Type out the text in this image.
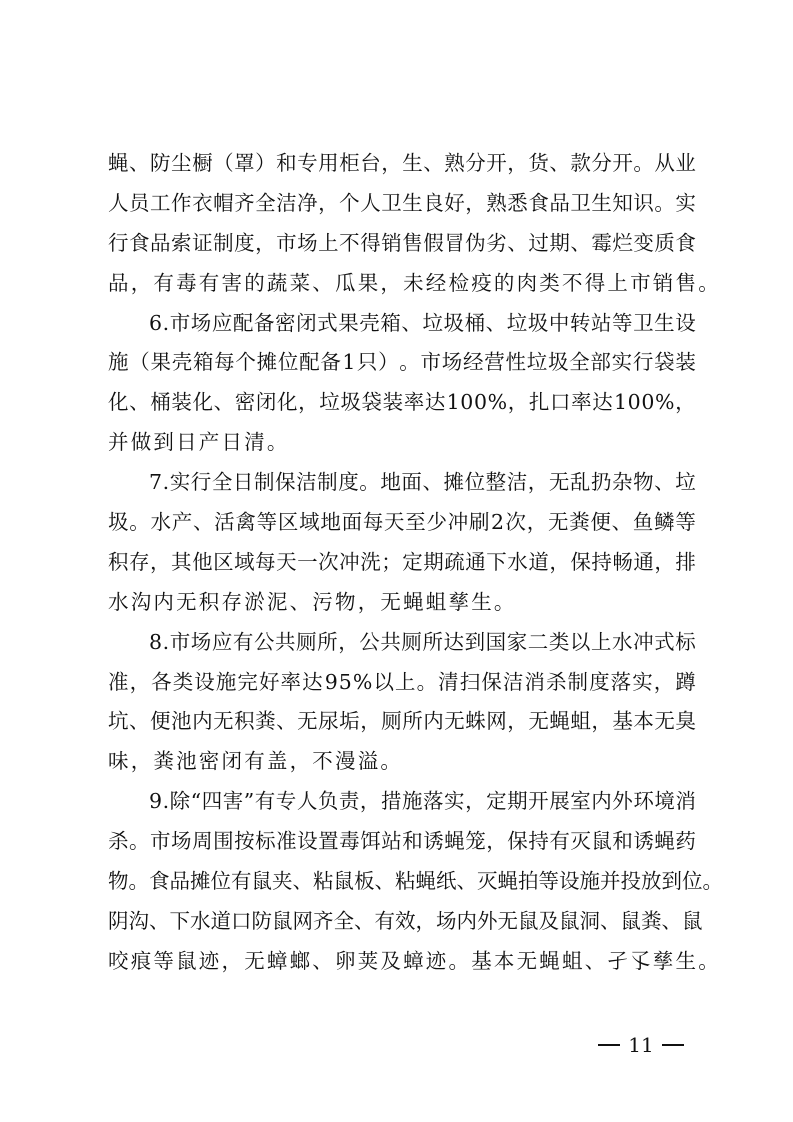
蝇 、 防 尘 橱 （ 罩 ） 和 专 用 柜 台 ， 生 、 熟 分 开 ， 货 、 款 分 开 。 从 业
人 员 工 作 衣 帽 齐 全 洁 净 ， 个 人 卫 生 良 好 ， 熟 悉 食 品 卫 生 知 识 。 实
行 食 品 索 证 制 度 ， 市 场 上 不 得 销 售 假 冒 伪 劣 、 过 期 、 霉 烂 变 质 食
品，有毒有害的蔬菜、瓜果，未经检疫的肉类不得上市销售。
6 . 市 场 应 配 备 密 闭 式 果 壳 箱 、 垃 圾 桶 、 垃 圾 中 转 站 等 卫 生 设
施 （ 果 壳 箱 每 个 摊 位 配 备 1 只 ） 。 市 场 经 营 性 垃 圾 全 部 实 行 袋 装
化 、 桶 装 化 、 密 闭 化 ， 垃 圾 袋 装 率 达 1 0 0 % ， 扎 口 率 达 1 0 0 % ，
并做到日产日清。
7 . 实 行 全 日 制 保 洁 制 度 。 地 面 、 摊 位 整 洁 ， 无 乱 扔 杂 物 、 垃
圾 。 水 产 、 活 禽 等 区 域 地 面 每 天 至 少 冲 刷 2 次 ， 无 粪 便 、 鱼 鳞 等
积 存 ， 其 他 区 域 每 天 一 次 冲 洗 ； 定 期 疏 通 下 水 道 ， 保 持 畅 通 ， 排
水沟内无积存淤泥、污物，无蝇蛆孳生。
8 . 市 场 应 有 公 共 厕 所 ， 公 共 厕 所 达 到 国 家 二 类 以 上 水 冲 式 标
准 ， 各 类 设 施 完 好 率 达 9 5 % 以 上 。 清 扫 保 洁 消 杀 制 度 落 实 ， 蹲
坑 、 便 池 内 无 积 粪 、 无 尿 垢 ， 厕 所 内 无 蛛 网 ， 无 蝇 蛆 ， 基 本 无 臭
味，粪池密闭有盖，不漫溢。
9 . 除 “ 四 害 ” 有 专 人 负 责 ， 措 施 落 实 ， 定 期 开 展 室 内 外 环 境 消
杀 。 市 场 周 围 按 标 准 设 置 毒 饵 站 和 诱 蝇 笼 ， 保 持 有 灭 鼠 和 诱 蝇 药
物 。 食 品 摊 位 有 鼠 夹 、 粘 鼠 板 、 粘 蝇 纸 、 灭 蝇 拍 等 设 施 并 投 放 到 位 。
阴 沟 、 下 水 道 口 防 鼠 网 齐 全 、 有 效 ， 场 内 外 无 鼠 及 鼠 洞 、 鼠 粪 、 鼠
咬痕等鼠迹，无蟑螂、卵荚及蟑迹。基本无蝇蛆、孑孓孳生。
11
